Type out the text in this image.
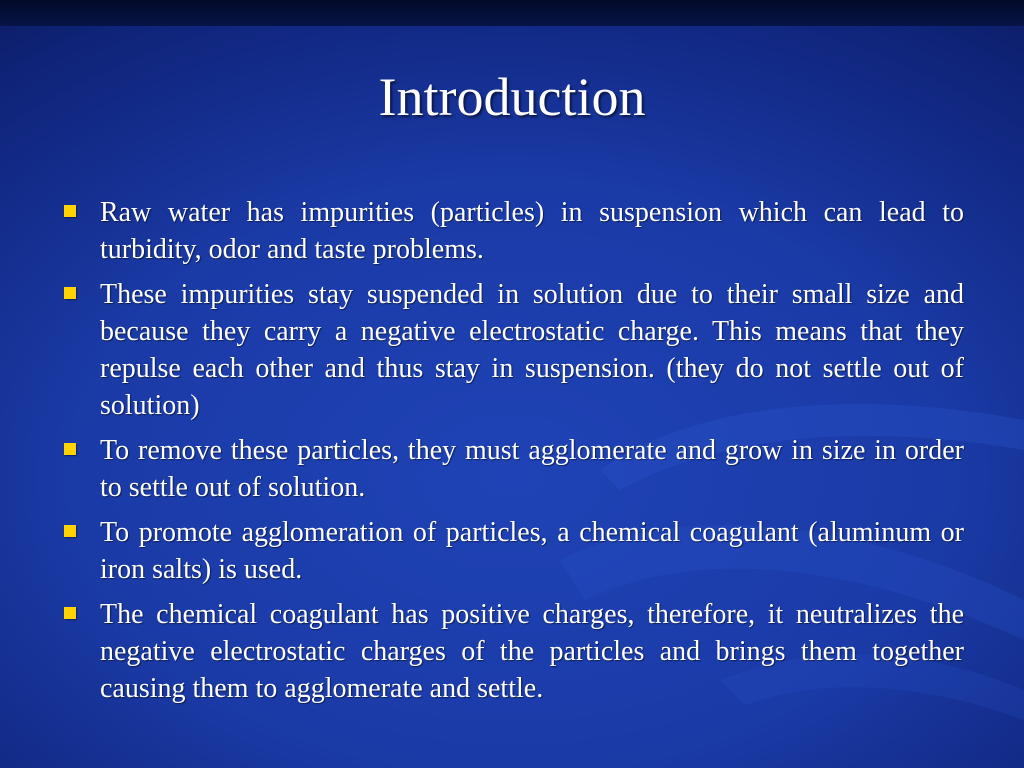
Introduction
Raw water has impurities (particles) in suspension which can lead to turbidity, odor and taste problems.
These impurities stay suspended in solution due to their small size and because they carry a negative electrostatic charge. This means that they repulse each other and thus stay in suspension. (they do not settle out of solution)
To remove these particles, they must agglomerate and grow in size in order to settle out of solution.
To promote agglomeration of particles, a chemical coagulant (aluminum or iron salts) is used.
The chemical coagulant has positive charges, therefore, it neutralizes the negative electrostatic charges of the particles and brings them together causing them to agglomerate and settle.
